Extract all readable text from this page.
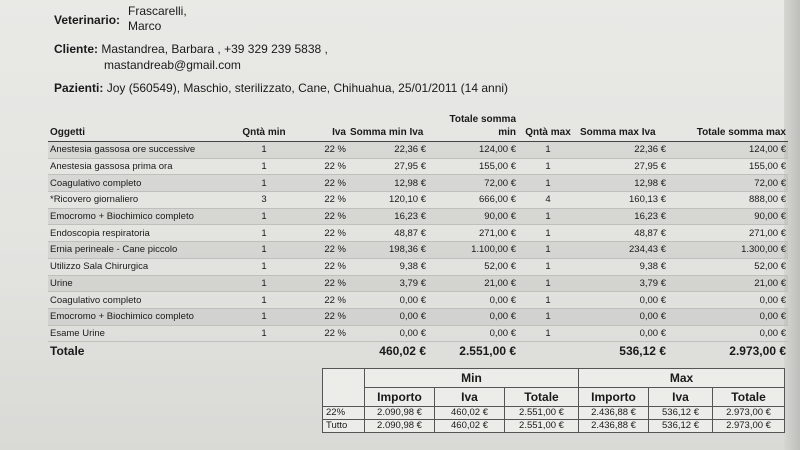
Veterinario:
Frascarelli,
Marco
Cliente: Mastandrea, Barbara , +39 329 239 5838 ,
mastandreab@gmail.com
Pazienti: Joy (560549), Maschio, sterilizzato, Cane, Chihuahua, 25/01/2011 (14 anni)
Oggetti	Qntà min	Iva	Somma min Iva	Totale somma min	Qntà max	Somma max Iva	Totale somma max
Anestesia gassosa ore successive	1	22 %	22,36 €	124,00 €	1	22,36 €	124,00 €
Anestesia gassosa prima ora	1	22 %	27,95 €	155,00 €	1	27,95 €	155,00 €
Coagulativo completo	1	22 %	12,98 €	72,00 €	1	12,98 €	72,00 €
*Ricovero giornaliero	3	22 %	120,10 €	666,00 €	4	160,13 €	888,00 €
Emocromo + Biochimico completo	1	22 %	16,23 €	90,00 €	1	16,23 €	90,00 €
Endoscopia respiratoria	1	22 %	48,87 €	271,00 €	1	48,87 €	271,00 €
Ernia perineale - Cane piccolo	1	22 %	198,36 €	1.100,00 €	1	234,43 €	1.300,00 €
Utilizzo Sala Chirurgica	1	22 %	9,38 €	52,00 €	1	9,38 €	52,00 €
Urine	1	22 %	3,79 €	21,00 €	1	3,79 €	21,00 €
Coagulativo completo	1	22 %	0,00 €	0,00 €	1	0,00 €	0,00 €
Emocromo + Biochimico completo	1	22 %	0,00 €	0,00 €	1	0,00 €	0,00 €
Esame Urine	1	22 %	0,00 €	0,00 €	1	0,00 €	0,00 €
Totale			460,02 €	2.551,00 €		536,12 €	2.973,00 €
	Min			Max		
	Importo	Iva	Totale	Importo	Iva	Totale
22%	2.090,98 €	460,02 €	2.551,00 €	2.436,88 €	536,12 €	2.973,00 €
Tutto	2.090,98 €	460,02 €	2.551,00 €	2.436,88 €	536,12 €	2.973,00 €
